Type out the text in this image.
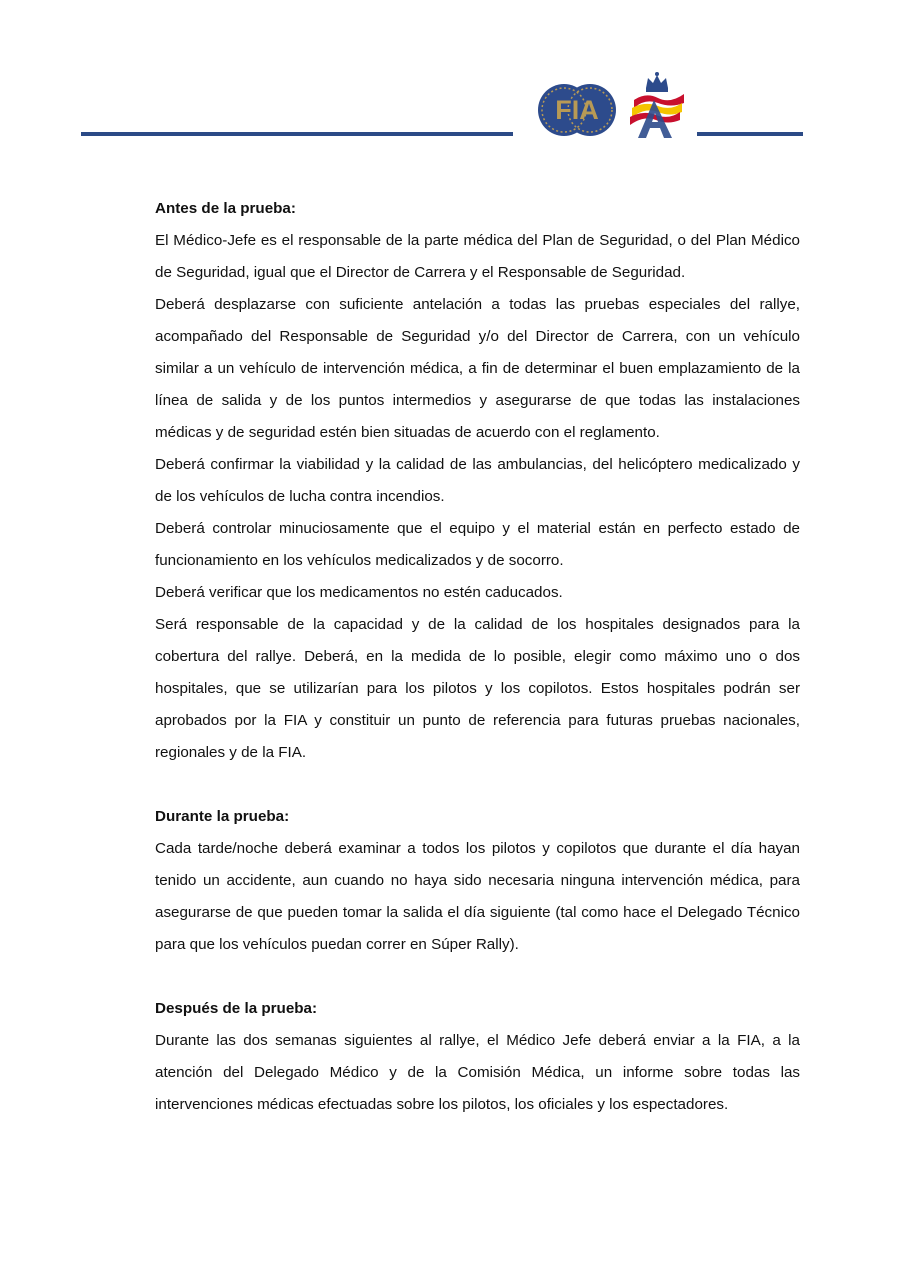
FIA
Antes de la prueba:

El Médico-Jefe es el responsable de la parte médica del Plan de Seguridad, o del Plan Médico de Seguridad, igual que el Director de Carrera y el Responsable de Seguridad.

Deberá desplazarse con suficiente antelación a todas las pruebas especiales del rallye, acompañado del Responsable de Seguridad y/o del Director de Carrera, con un vehículo similar a un vehículo de intervención médica, a fin de determinar el buen emplazamiento de la línea de salida y de los puntos intermedios y asegurarse de que todas las instalaciones médicas y de seguridad estén bien situadas de acuerdo con el reglamento.

Deberá confirmar la viabilidad y la calidad de las ambulancias, del helicóptero medicalizado y de los vehículos de lucha contra incendios.

Deberá controlar minuciosamente que el equipo y el material están en perfecto estado de funcionamiento en los vehículos medicalizados y de socorro.

Deberá verificar que los medicamentos no estén caducados.

Será responsable de la capacidad y de la calidad de los hospitales designados para la cobertura del rallye. Deberá, en la medida de lo posible, elegir como máximo uno o dos hospitales, que se utilizarían para los pilotos y los copilotos. Estos hospitales podrán ser aprobados por la FIA y constituir un punto de referencia para futuras pruebas nacionales, regionales y de la FIA.

Durante la prueba:

Cada tarde/noche deberá examinar a todos los pilotos y copilotos que durante el día hayan tenido un accidente, aun cuando no haya sido necesaria ninguna intervención médica, para asegurarse de que pueden tomar la salida el día siguiente (tal como hace el Delegado Técnico para que los vehículos puedan correr en Súper Rally).

Después de la prueba:

Durante las dos semanas siguientes al rallye, el Médico Jefe deberá enviar a la FIA, a la atención del Delegado Médico y de la Comisión Médica, un informe sobre todas las intervenciones médicas efectuadas sobre los pilotos, los oficiales y los espectadores.
